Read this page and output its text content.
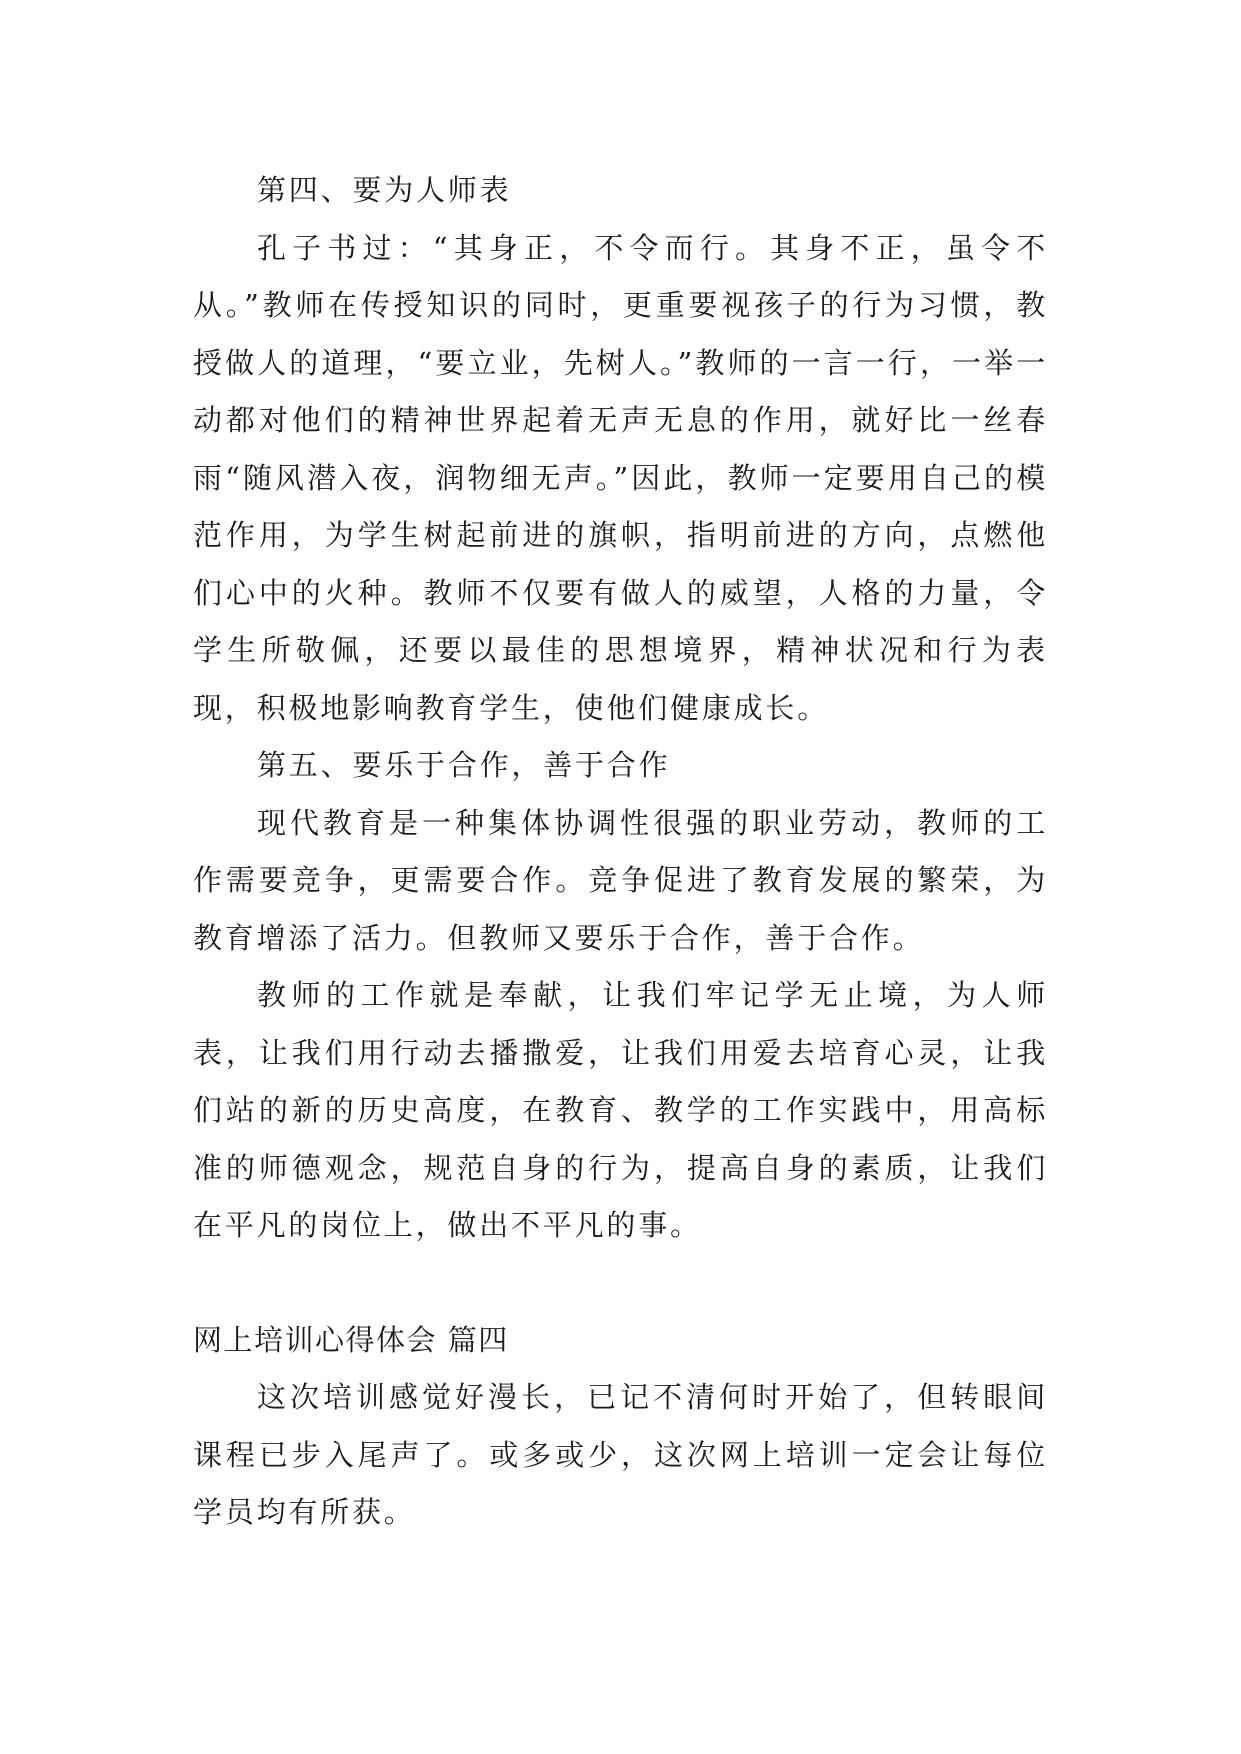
第四、要为人师表

孔子书过：“其身正，不令而行。其身不正，虽令不从。”教师在传授知识的同时，更重要视孩子的行为习惯，教授做人的道理，“要立业，先树人。”教师的一言一行，一举一动都对他们的精神世界起着无声无息的作用，就好比一丝春雨“随风潜入夜，润物细无声。”因此，教师一定要用自己的模范作用，为学生树起前进的旗帜，指明前进的方向，点燃他们心中的火种。教师不仅要有做人的威望，人格的力量，令学生所敬佩，还要以最佳的思想境界，精神状况和行为表现，积极地影响教育学生，使他们健康成长。

第五、要乐于合作，善于合作

现代教育是一种集体协调性很强的职业劳动，教师的工作需要竞争，更需要合作。竞争促进了教育发展的繁荣，为教育增添了活力。但教师又要乐于合作，善于合作。

教师的工作就是奉献，让我们牢记学无止境，为人师表，让我们用行动去播撒爱，让我们用爱去培育心灵，让我们站的新的历史高度，在教育、教学的工作实践中，用高标准的师德观念，规范自身的行为，提高自身的素质，让我们在平凡的岗位上，做出不平凡的事。

网上培训心得体会 篇四

这次培训感觉好漫长，已记不清何时开始了，但转眼间课程已步入尾声了。或多或少，这次网上培训一定会让每位学员均有所获。
